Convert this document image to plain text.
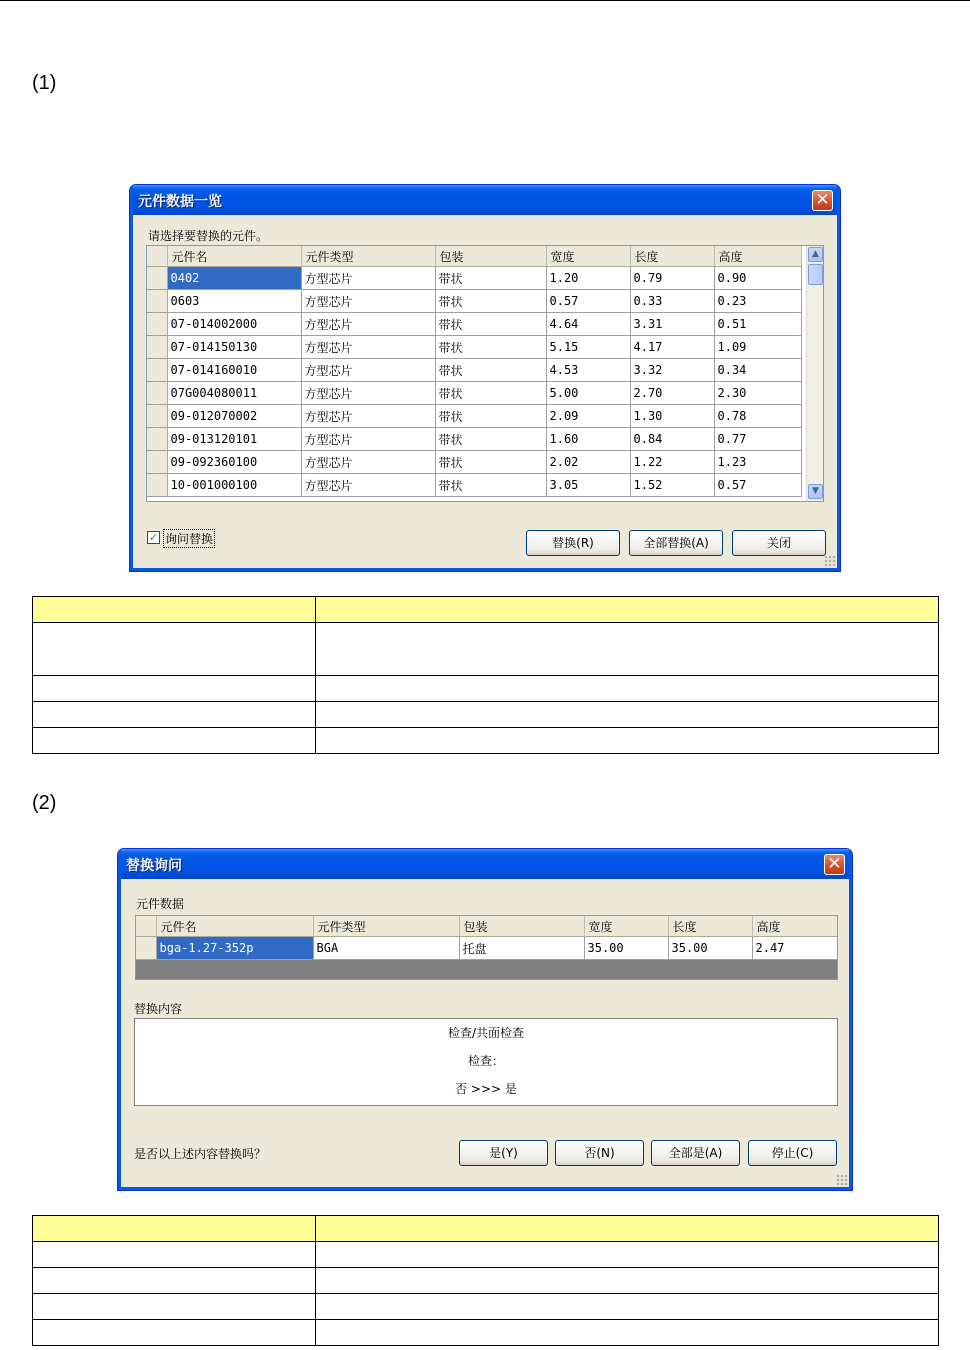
(1)
元件数据一览	✕
请选择要替换的元件。
	元件名	元件类型	包装	宽度	长度	高度
	0402	方型芯片	带状	1.20	0.79	0.90
	0603	方型芯片	带状	0.57	0.33	0.23
	07-014002000	方型芯片	带状	4.64	3.31	0.51
	07-014150130	方型芯片	带状	5.15	4.17	1.09
	07-014160010	方型芯片	带状	4.53	3.32	0.34
	07G004080011	方型芯片	带状	5.00	2.70	2.30
	09-012070002	方型芯片	带状	2.09	1.30	0.78
	09-013120101	方型芯片	带状	1.60	0.84	0.77
	09-092360100	方型芯片	带状	2.02	1.22	1.23
	10-001000100	方型芯片	带状	3.05	1.52	0.57
▲
▼
✓ 询问替换	替换(R)	全部替换(A)	关闭

(2)
替换询问	✕
元件数据
	元件名	元件类型	包装	宽度	长度	高度
	bga-1.27-352p	BGA	托盘	35.00	35.00	2.47
替换内容
检查/共面检查
检查：
否 >>> 是
是否以上述内容替换吗？	是(Y)	否(N)	全部是(A)	停止(C)
